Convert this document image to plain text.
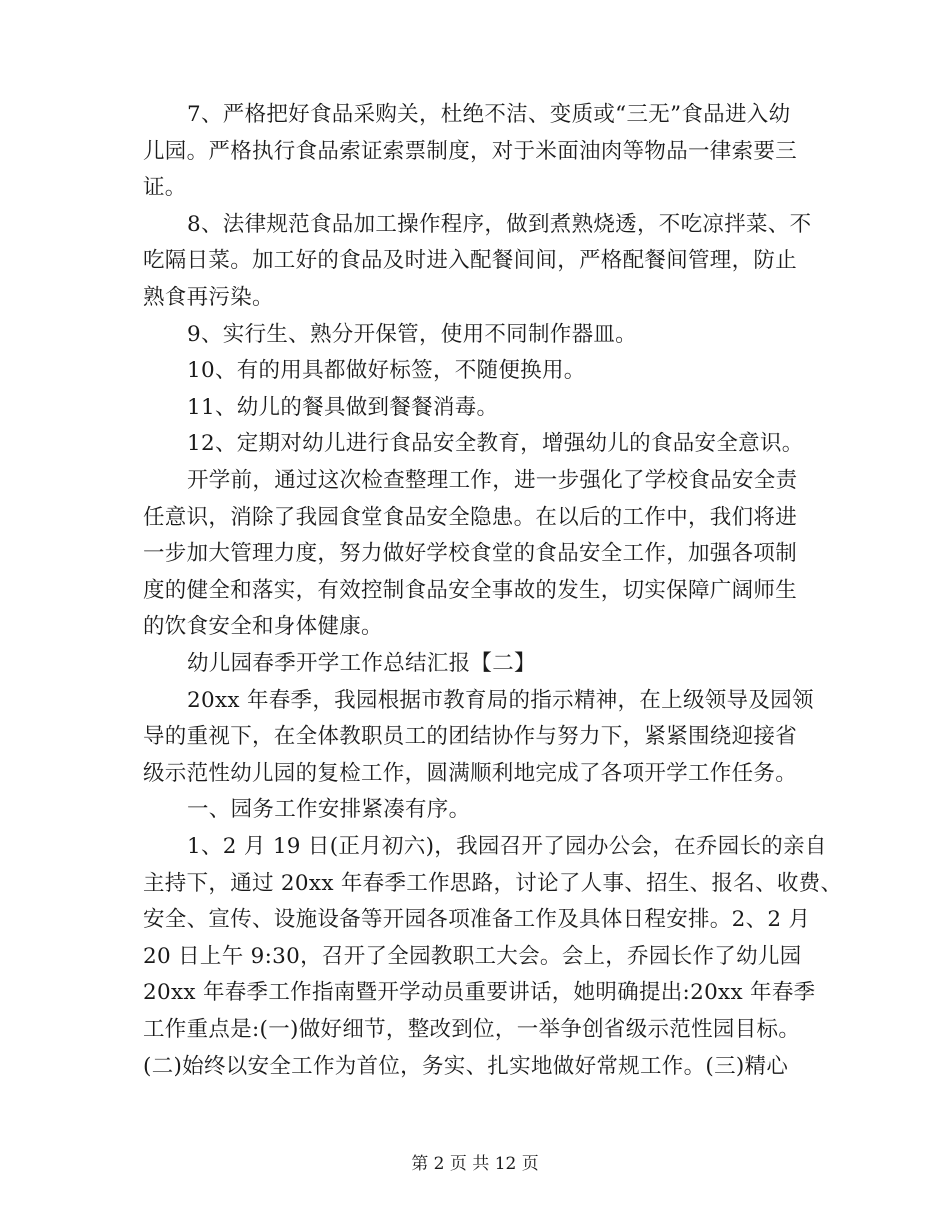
7、严格把好食品采购关，杜绝不洁、变质或“三无”食品进入幼
儿园。严格执行食品索证索票制度，对于米面油肉等物品一律索要三
证。
8、法律规范食品加工操作程序，做到煮熟烧透，不吃凉拌菜、不
吃隔日菜。加工好的食品及时进入配餐间间，严格配餐间管理，防止
熟食再污染。
9、实行生、熟分开保管，使用不同制作器皿。
10、有的用具都做好标签，不随便换用。
11、幼儿的餐具做到餐餐消毒。
12、定期对幼儿进行食品安全教育，增强幼儿的食品安全意识。
开学前，通过这次检查整理工作，进一步强化了学校食品安全责
任意识，消除了我园食堂食品安全隐患。在以后的工作中，我们将进
一步加大管理力度，努力做好学校食堂的食品安全工作，加强各项制
度的健全和落实，有效控制食品安全事故的发生，切实保障广阔师生
的饮食安全和身体健康。
幼儿园春季开学工作总结汇报【二】
20xx 年春季，我园根据市教育局的指示精神，在上级领导及园领
导的重视下，在全体教职员工的团结协作与努力下，紧紧围绕迎接省
级示范性幼儿园的复检工作，圆满顺利地完成了各项开学工作任务。
一、园务工作安排紧凑有序。
1、2 月 19 日(正月初六)，我园召开了园办公会，在乔园长的亲自
主持下，通过 20xx 年春季工作思路，讨论了人事、招生、报名、收费、
安全、宣传、设施设备等开园各项准备工作及具体日程安排。2、2 月
20 日上午 9:30，召开了全园教职工大会。会上，乔园长作了幼儿园
20xx 年春季工作指南暨开学动员重要讲话，她明确提出:20xx 年春季
工作重点是:(一)做好细节，整改到位，一举争创省级示范性园目标。
(二)始终以安全工作为首位，务实、扎实地做好常规工作。(三)精心
第 2 页 共 12 页
